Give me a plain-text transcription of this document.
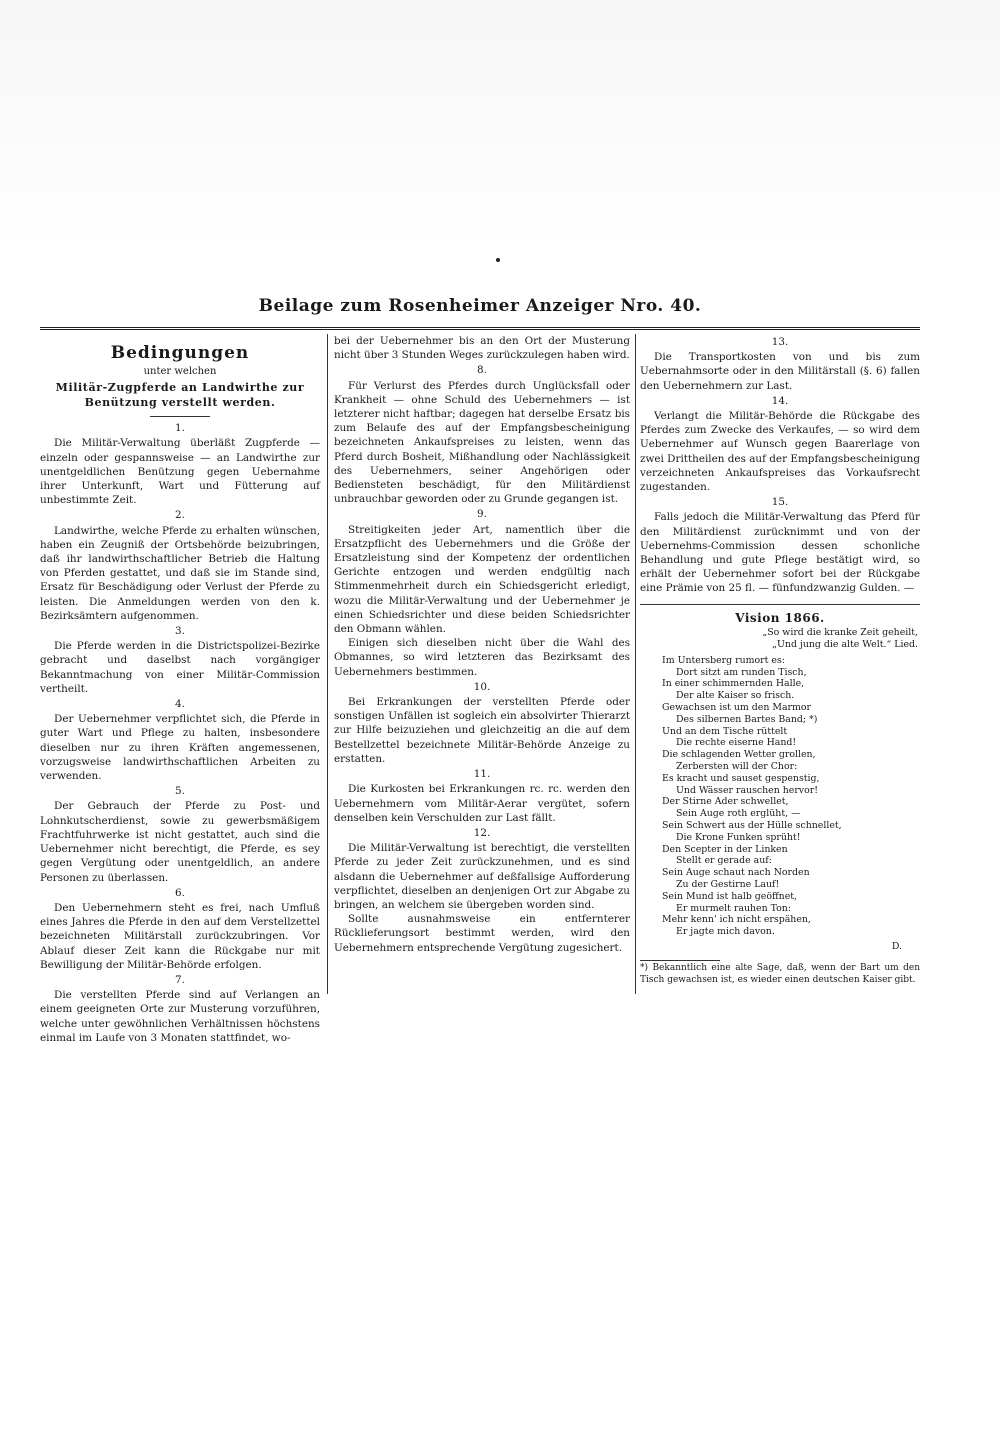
Beilage zum Rosenheimer Anzeiger Nro. 40.
Bedingungen
unter welchen
Militär-Zugpferde an Landwirthe zur Benützung verstellt werden.
1.

Die Militär-Verwaltung überläßt Zugpferde — einzeln oder gespannsweise — an Landwirthe zur unentgeldlichen Benützung gegen Uebernahme ihrer Unterkunft, Wart und Fütterung auf unbestimmte Zeit.

2.

Landwirthe, welche Pferde zu erhalten wünschen, haben ein Zeugniß der Ortsbehörde beizubringen, daß ihr landwirthschaftlicher Betrieb die Haltung von Pferden gestattet, und daß sie im Stande sind, Ersatz für Beschädigung oder Verlust der Pferde zu leisten. Die Anmeldungen werden von den k. Bezirksämtern aufgenommen.

3.

Die Pferde werden in die Districtspolizei-Bezirke gebracht und daselbst nach vorgängiger Bekanntmachung von einer Militär-Commission vertheilt.

4.

Der Uebernehmer verpflichtet sich, die Pferde in guter Wart und Pflege zu halten, insbesondere dieselben nur zu ihren Kräften angemessenen, vorzugsweise landwirthschaftlichen Arbeiten zu verwenden.

5.

Der Gebrauch der Pferde zu Post- und Lohnkutscherdienst, sowie zu gewerbsmäßigem Frachtfuhrwerke ist nicht gestattet, auch sind die Uebernehmer nicht berechtigt, die Pferde, es sey gegen Vergütung oder unentgeldlich, an andere Personen zu überlassen.

6.

Den Uebernehmern steht es frei, nach Umfluß eines Jahres die Pferde in den auf dem Verstellzettel bezeichneten Militärstall zurückzubringen. Vor Ablauf dieser Zeit kann die Rückgabe nur mit Bewilligung der Militär-Behörde erfolgen.

7.

Die verstellten Pferde sind auf Verlangen an einem geeigneten Orte zur Musterung vorzuführen, welche unter gewöhnlichen Verhältnissen höchstens einmal im Laufe von 3 Monaten stattfindet, wo-

bei der Uebernehmer bis an den Ort der Musterung nicht über 3 Stunden Weges zurückzulegen haben wird.

8.

Für Verlurst des Pferdes durch Unglücksfall oder Krankheit — ohne Schuld des Uebernehmers — ist letzterer nicht haftbar; dagegen hat derselbe Ersatz bis zum Belaufe des auf der Empfangsbescheinigung bezeichneten Ankaufspreises zu leisten, wenn das Pferd durch Bosheit, Mißhandlung oder Nachlässigkeit des Uebernehmers, seiner Angehörigen oder Bediensteten beschädigt, für den Militärdienst unbrauchbar geworden oder zu Grunde gegangen ist.

9.

Streitigkeiten jeder Art, namentlich über die Ersatzpflicht des Uebernehmers und die Größe der Ersatzleistung sind der Kompetenz der ordentlichen Gerichte entzogen und werden endgültig nach Stimmenmehrheit durch ein Schiedsgericht erledigt, wozu die Militär-Verwaltung und der Uebernehmer je einen Schiedsrichter und diese beiden Schiedsrichter den Obmann wählen.

Einigen sich dieselben nicht über die Wahl des Obmannes, so wird letzteren das Bezirksamt des Uebernehmers bestimmen.

10.

Bei Erkrankungen der verstellten Pferde oder sonstigen Unfällen ist sogleich ein absolvirter Thierarzt zur Hilfe beizuziehen und gleichzeitig an die auf dem Bestellzettel bezeichnete Militär-Behörde Anzeige zu erstatten.

11.

Die Kurkosten bei Erkrankungen rc. rc. werden den Uebernehmern vom Militär-Aerar vergütet, sofern denselben kein Verschulden zur Last fällt.

12.

Die Militär-Verwaltung ist berechtigt, die verstellten Pferde zu jeder Zeit zurückzunehmen, und es sind alsdann die Uebernehmer auf deßfallsige Aufforderung verpflichtet, dieselben an denjenigen Ort zur Abgabe zu bringen, an welchem sie übergeben worden sind.

Sollte ausnahmsweise ein entfernterer Rücklieferungsort bestimmt werden, wird den Uebernehmern entsprechende Vergütung zugesichert.

13.

Die Transportkosten von und bis zum Uebernahmsorte oder in den Militärstall (§. 6) fallen den Uebernehmern zur Last.

14.

Verlangt die Militär-Behörde die Rückgabe des Pferdes zum Zwecke des Verkaufes, — so wird dem Uebernehmer auf Wunsch gegen Baarerlage von zwei Drittheilen des auf der Empfangsbescheinigung verzeichneten Ankaufspreises das Vorkaufsrecht zugestanden.

15.

Falls jedoch die Militär-Verwaltung das Pferd für den Militärdienst zurücknimmt und von der Uebernehms-Commission dessen schonliche Behandlung und gute Pflege bestätigt wird, so erhält der Uebernehmer sofort bei der Rückgabe eine Prämie von 25 fl. — fünfundzwanzig Gulden. —

Vision 1866.
„So wird die kranke Zeit geheilt,
„Und jung die alte Welt.“ Lied.
Im Untersberg rumort es:
Dort sitzt am runden Tisch,
In einer schimmernden Halle,
Der alte Kaiser so frisch.
Gewachsen ist um den Marmor
Des silbernen Bartes Band; *)
Und an dem Tische rüttelt
Die rechte eiserne Hand!
Die schlagenden Wetter grollen,
Zerbersten will der Chor:
Es kracht und sauset gespenstig,
Und Wässer rauschen hervor!
Der Stirne Ader schwellet,
Sein Auge roth erglüht, —
Sein Schwert aus der Hülle schnellet,
Die Krone Funken sprüht!
Den Scepter in der Linken
Stellt er gerade auf:
Sein Auge schaut nach Norden
Zu der Gestirne Lauf!
Sein Mund ist halb geöffnet,
Er murmelt rauhen Ton:
Mehr kenn' ich nicht erspähen,
Er jagte mich davon.
D.

*) Bekanntlich eine alte Sage, daß, wenn der Bart um den Tisch gewachsen ist, es wieder einen deutschen Kaiser gibt.
